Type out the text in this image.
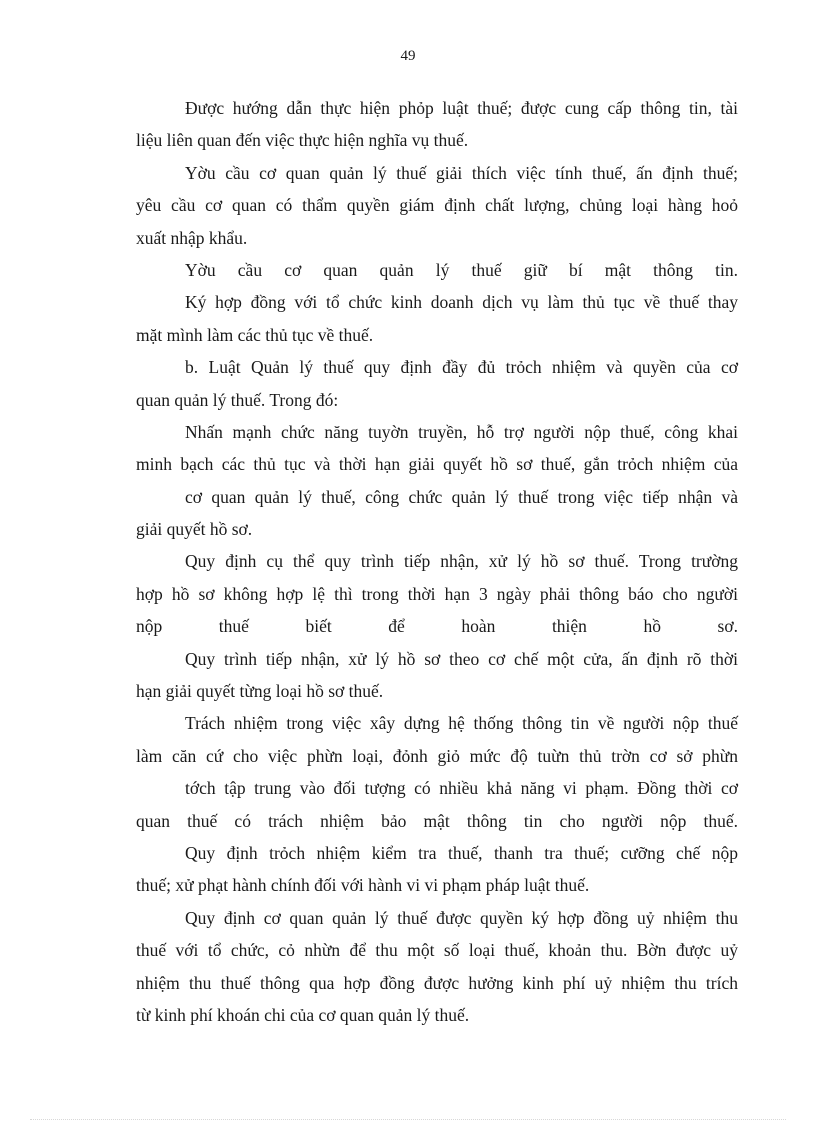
49
Được hướng dẫn thực hiện phỏp luật thuế; được cung cấp thông tin, tài
liệu liên quan đến việc thực hiện nghĩa vụ thuế.
Yờu cầu cơ quan quản lý thuế giải thích việc tính thuế, ấn định thuế;
yêu cầu cơ quan có thẩm quyền giám định chất lượng, chủng loại hàng hoỏ
xuất nhập khẩu.
Yờu cầu cơ quan quản lý thuế giữ bí mật thông tin.
Ký hợp đồng với tổ chức kinh doanh dịch vụ làm thủ tục về thuế thay
mặt mình làm các thủ tục về thuế.
b. Luật Quản lý thuế quy định đầy đủ trỏch nhiệm và quyền của cơ
quan quản lý thuế. Trong đó:
Nhấn mạnh chức năng tuyờn truyền, hỗ trợ người nộp thuế, công khai
minh bạch các thủ tục và thời hạn giải quyết hồ sơ thuế, gắn trỏch nhiệm của
cơ quan quản lý thuế, công chức quản lý thuế trong việc tiếp nhận và
giải quyết hồ sơ.
Quy định cụ thể quy trình tiếp nhận, xử lý hồ sơ thuế. Trong trường
hợp hồ sơ không hợp lệ thì trong thời hạn 3 ngày phải thông báo cho người
nộp thuế biết để hoàn thiện hồ sơ.
Quy trình tiếp nhận, xử lý hồ sơ theo cơ chế một cửa, ấn định rõ thời
hạn giải quyết từng loại hồ sơ thuế.
Trách nhiệm trong việc xây dựng hệ thống thông tin về người nộp thuế
làm căn cứ cho việc phừn loại, đỏnh giỏ mức độ tuừn thủ trờn cơ sở phừn
tớch tập trung vào đối tượng có nhiều khả năng vi phạm. Đồng thời cơ
quan thuế có trách nhiệm bảo mật thông tin cho người nộp thuế.
Quy định trỏch nhiệm kiểm tra thuế, thanh tra thuế; cưỡng chế nộp
thuế; xử phạt hành chính đối với hành vi vi phạm pháp luật thuế.
Quy định cơ quan quản lý thuế được quyền ký hợp đồng uỷ nhiệm thu
thuế với tổ chức, cỏ nhừn để thu một số loại thuế, khoản thu. Bờn được uỷ
nhiệm thu thuế thông qua hợp đồng được hưởng kinh phí uỷ nhiệm thu trích
từ kinh phí khoán chi của cơ quan quản lý thuế.
